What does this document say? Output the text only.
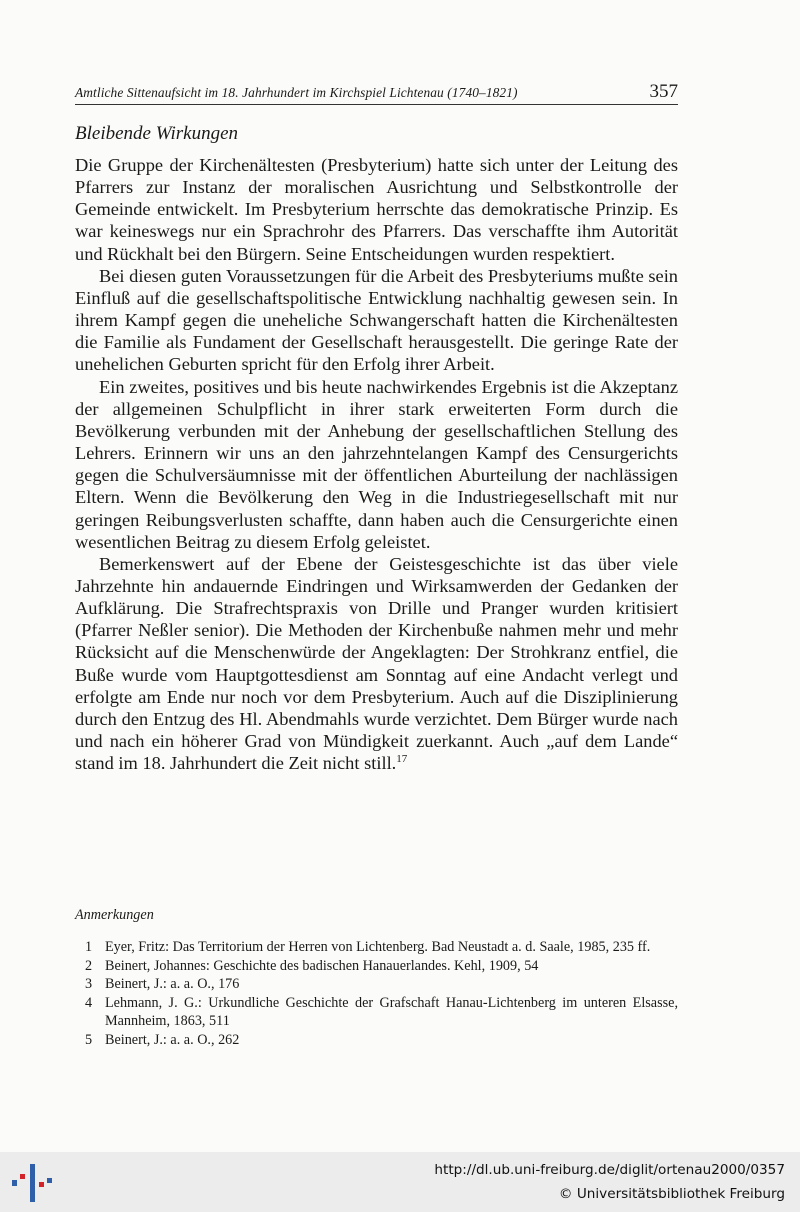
Amtliche Sittenaufsicht im 18. Jahrhundert im Kirchspiel Lichtenau (1740–1821)	357
Bleibende Wirkungen

Die Gruppe der Kirchenältesten (Presbyterium) hatte sich unter der Leitung des Pfarrers zur Instanz der moralischen Ausrichtung und Selbstkontrolle der Gemeinde entwickelt. Im Presbyterium herrschte das demokratische Prinzip. Es war keineswegs nur ein Sprachrohr des Pfarrers. Das verschaffte ihm Autorität und Rückhalt bei den Bürgern. Seine Entscheidungen wurden respektiert.

Bei diesen guten Voraussetzungen für die Arbeit des Presbyteriums mußte sein Einfluß auf die gesellschaftspolitische Entwicklung nachhaltig gewesen sein. In ihrem Kampf gegen die uneheliche Schwangerschaft hatten die Kirchenältesten die Familie als Fundament der Gesellschaft herausgestellt. Die geringe Rate der unehelichen Geburten spricht für den Erfolg ihrer Arbeit.

Ein zweites, positives und bis heute nachwirkendes Ergebnis ist die Akzeptanz der allgemeinen Schulpflicht in ihrer stark erweiterten Form durch die Bevölkerung verbunden mit der Anhebung der gesellschaftlichen Stellung des Lehrers. Erinnern wir uns an den jahrzehntelangen Kampf des Censurgerichts gegen die Schulversäumnisse mit der öffentlichen Aburteilung der nachlässigen Eltern. Wenn die Bevölkerung den Weg in die Industriegesellschaft mit nur geringen Reibungsverlusten schaffte, dann haben auch die Censurgerichte einen wesentlichen Beitrag zu diesem Erfolg geleistet.

Bemerkenswert auf der Ebene der Geistesgeschichte ist das über viele Jahrzehnte hin andauernde Eindringen und Wirksamwerden der Gedanken der Aufklärung. Die Strafrechtspraxis von Drille und Pranger wurden kritisiert (Pfarrer Neßler senior). Die Methoden der Kirchenbuße nahmen mehr und mehr Rücksicht auf die Menschenwürde der Angeklagten: Der Strohkranz entfiel, die Buße wurde vom Hauptgottesdienst am Sonntag auf eine Andacht verlegt und erfolgte am Ende nur noch vor dem Presbyterium. Auch auf die Disziplinierung durch den Entzug des Hl. Abendmahls wurde verzichtet. Dem Bürger wurde nach und nach ein höherer Grad von Mündigkeit zuerkannt. Auch „auf dem Lande“ stand im 18. Jahrhundert die Zeit nicht still.$^{17}$

Anmerkungen
1 Eyer, Fritz: Das Territorium der Herren von Lichtenberg. Bad Neustadt a. d. Saale, 1985, 235 ff.
2 Beinert, Johannes: Geschichte des badischen Hanauerlandes. Kehl, 1909, 54
3 Beinert, J.: a. a. O., 176
4 Lehmann, J. G.: Urkundliche Geschichte der Grafschaft Hanau-Lichtenberg im unteren Elsasse, Mannheim, 1863, 511
5 Beinert, J.: a. a. O., 262
http://dl.ub.uni-freiburg.de/diglit/ortenau2000/0357
© Universitätsbibliothek Freiburg
